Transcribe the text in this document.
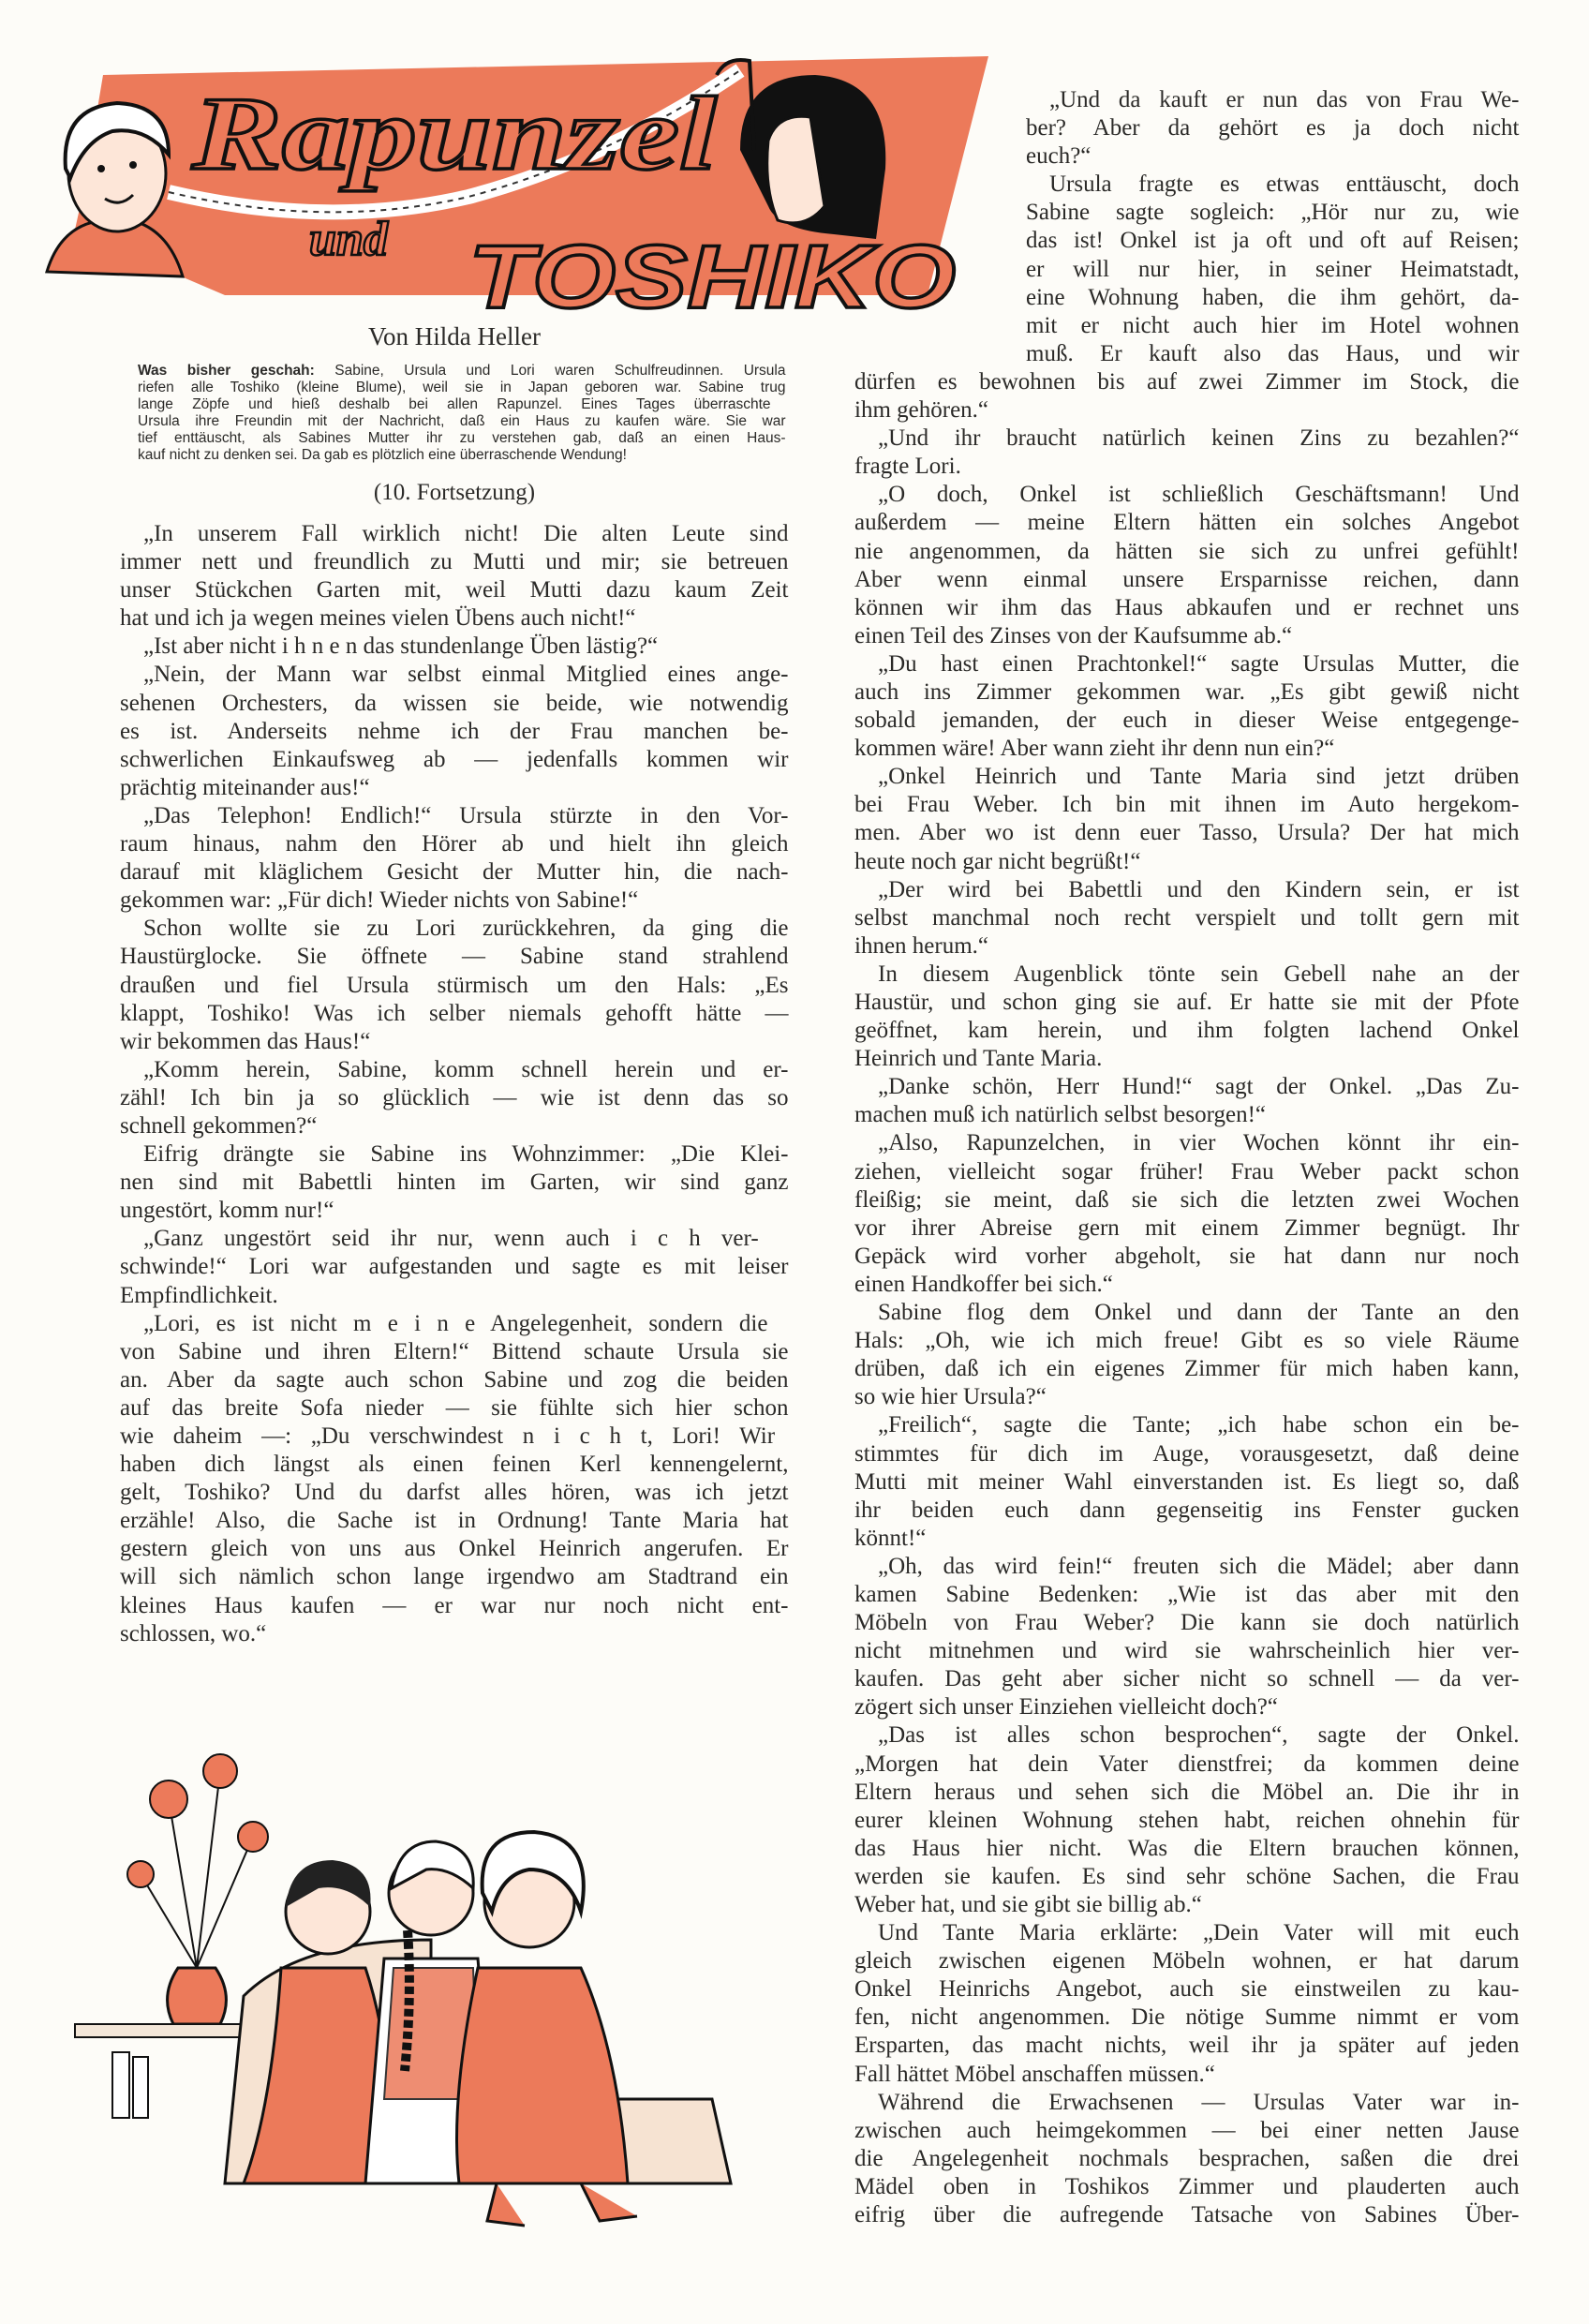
Rapunzel
und TOSHIKO
Von Hilda Heller
Was bisher geschah: Sabine, Ursula und Lori waren Schulfreudinnen. Ursula
riefen alle Toshiko (kleine Blume), weil sie in Japan geboren war. Sabine trug
lange Zöpfe und hieß deshalb bei allen Rapunzel. Eines Tages überraschte
Ursula ihre Freundin mit der Nachricht, daß ein Haus zu kaufen wäre. Sie war
tief enttäuscht, als Sabines Mutter ihr zu verstehen gab, daß an einen Haus-
kauf nicht zu denken sei. Da gab es plötzlich eine überraschende Wendung!
(10. Fortsetzung)
„In unserem Fall wirklich nicht! Die alten Leute sind
immer nett und freundlich zu Mutti und mir; sie betreuen
unser Stückchen Garten mit, weil Mutti dazu kaum Zeit
hat und ich ja wegen meines vielen Übens auch nicht!“
„Ist aber nicht i h n e n das stundenlange Üben lästig?“
„Nein, der Mann war selbst einmal Mitglied eines ange-
sehenen Orchesters, da wissen sie beide, wie notwendig
es ist. Anderseits nehme ich der Frau manchen be-
schwerlichen Einkaufsweg ab — jedenfalls kommen wir
prächtig miteinander aus!“
„Das Telephon! Endlich!“ Ursula stürzte in den Vor-
raum hinaus, nahm den Hörer ab und hielt ihn gleich
darauf mit kläglichem Gesicht der Mutter hin, die nach-
gekommen war: „Für dich! Wieder nichts von Sabine!“
Schon wollte sie zu Lori zurückkehren, da ging die
Haustürglocke. Sie öffnete — Sabine stand strahlend
draußen und fiel Ursula stürmisch um den Hals: „Es
klappt, Toshiko! Was ich selber niemals gehofft hätte —
wir bekommen das Haus!“
„Komm herein, Sabine, komm schnell herein und er-
zähl! Ich bin ja so glücklich — wie ist denn das so
schnell gekommen?“
Eifrig drängte sie Sabine ins Wohnzimmer: „Die Klei-
nen sind mit Babettli hinten im Garten, wir sind ganz
ungestört, komm nur!“
„Ganz ungestört seid ihr nur, wenn auch i c h ver-
schwinde!“ Lori war aufgestanden und sagte es mit leiser
Empfindlichkeit.
„Lori, es ist nicht m e i n e Angelegenheit, sondern die
von Sabine und ihren Eltern!“ Bittend schaute Ursula sie
an. Aber da sagte auch schon Sabine und zog die beiden
auf das breite Sofa nieder — sie fühlte sich hier schon
wie daheim —: „Du verschwindest n i c h t, Lori! Wir
haben dich längst als einen feinen Kerl kennengelernt,
gelt, Toshiko? Und du darfst alles hören, was ich jetzt
erzähle! Also, die Sache ist in Ordnung! Tante Maria hat
gestern gleich von uns aus Onkel Heinrich angerufen. Er
will sich nämlich schon lange irgendwo am Stadtrand ein
kleines Haus kaufen — er war nur noch nicht ent-
schlossen, wo.“
„Und da kauft er nun das von Frau We-
ber? Aber da gehört es ja doch nicht
euch?“
Ursula fragte es etwas enttäuscht, doch
Sabine sagte sogleich: „Hör nur zu, wie
das ist! Onkel ist ja oft und oft auf Reisen;
er will nur hier, in seiner Heimatstadt,
eine Wohnung haben, die ihm gehört, da-
mit er nicht auch hier im Hotel wohnen
muß. Er kauft also das Haus, und wir
dürfen es bewohnen bis auf zwei Zimmer im Stock, die
ihm gehören.“
„Und ihr braucht natürlich keinen Zins zu bezahlen?“
fragte Lori.
„O doch, Onkel ist schließlich Geschäftsmann! Und
außerdem — meine Eltern hätten ein solches Angebot
nie angenommen, da hätten sie sich zu unfrei gefühlt!
Aber wenn einmal unsere Ersparnisse reichen, dann
können wir ihm das Haus abkaufen und er rechnet uns
einen Teil des Zinses von der Kaufsumme ab.“
„Du hast einen Prachtonkel!“ sagte Ursulas Mutter, die
auch ins Zimmer gekommen war. „Es gibt gewiß nicht
sobald jemanden, der euch in dieser Weise entgegenge-
kommen wäre! Aber wann zieht ihr denn nun ein?“
„Onkel Heinrich und Tante Maria sind jetzt drüben
bei Frau Weber. Ich bin mit ihnen im Auto hergekom-
men. Aber wo ist denn euer Tasso, Ursula? Der hat mich
heute noch gar nicht begrüßt!“
„Der wird bei Babettli und den Kindern sein, er ist
selbst manchmal noch recht verspielt und tollt gern mit
ihnen herum.“
In diesem Augenblick tönte sein Gebell nahe an der
Haustür, und schon ging sie auf. Er hatte sie mit der Pfote
geöffnet, kam herein, und ihm folgten lachend Onkel
Heinrich und Tante Maria.
„Danke schön, Herr Hund!“ sagt der Onkel. „Das Zu-
machen muß ich natürlich selbst besorgen!“
„Also, Rapunzelchen, in vier Wochen könnt ihr ein-
ziehen, vielleicht sogar früher! Frau Weber packt schon
fleißig; sie meint, daß sie sich die letzten zwei Wochen
vor ihrer Abreise gern mit einem Zimmer begnügt. Ihr
Gepäck wird vorher abgeholt, sie hat dann nur noch
einen Handkoffer bei sich.“
Sabine flog dem Onkel und dann der Tante an den
Hals: „Oh, wie ich mich freue! Gibt es so viele Räume
drüben, daß ich ein eigenes Zimmer für mich haben kann,
so wie hier Ursula?“
„Freilich“, sagte die Tante; „ich habe schon ein be-
stimmtes für dich im Auge, vorausgesetzt, daß deine
Mutti mit meiner Wahl einverstanden ist. Es liegt so, daß
ihr beiden euch dann gegenseitig ins Fenster gucken
könnt!“
„Oh, das wird fein!“ freuten sich die Mädel; aber dann
kamen Sabine Bedenken: „Wie ist das aber mit den
Möbeln von Frau Weber? Die kann sie doch natürlich
nicht mitnehmen und wird sie wahrscheinlich hier ver-
kaufen. Das geht aber sicher nicht so schnell — da ver-
zögert sich unser Einziehen vielleicht doch?“
„Das ist alles schon besprochen“, sagte der Onkel.
„Morgen hat dein Vater dienstfrei; da kommen deine
Eltern heraus und sehen sich die Möbel an. Die ihr in
eurer kleinen Wohnung stehen habt, reichen ohnehin für
das Haus hier nicht. Was die Eltern brauchen können,
werden sie kaufen. Es sind sehr schöne Sachen, die Frau
Weber hat, und sie gibt sie billig ab.“
Und Tante Maria erklärte: „Dein Vater will mit euch
gleich zwischen eigenen Möbeln wohnen, er hat darum
Onkel Heinrichs Angebot, auch sie einstweilen zu kau-
fen, nicht angenommen. Die nötige Summe nimmt er vom
Ersparten, das macht nichts, weil ihr ja später auf jeden
Fall hättet Möbel anschaffen müssen.“
Während die Erwachsenen — Ursulas Vater war in-
zwischen auch heimgekommen — bei einer netten Jause
die Angelegenheit nochmals besprachen, saßen die drei
Mädel oben in Toshikos Zimmer und plauderten auch
eifrig über die aufregende Tatsache von Sabines Über-
